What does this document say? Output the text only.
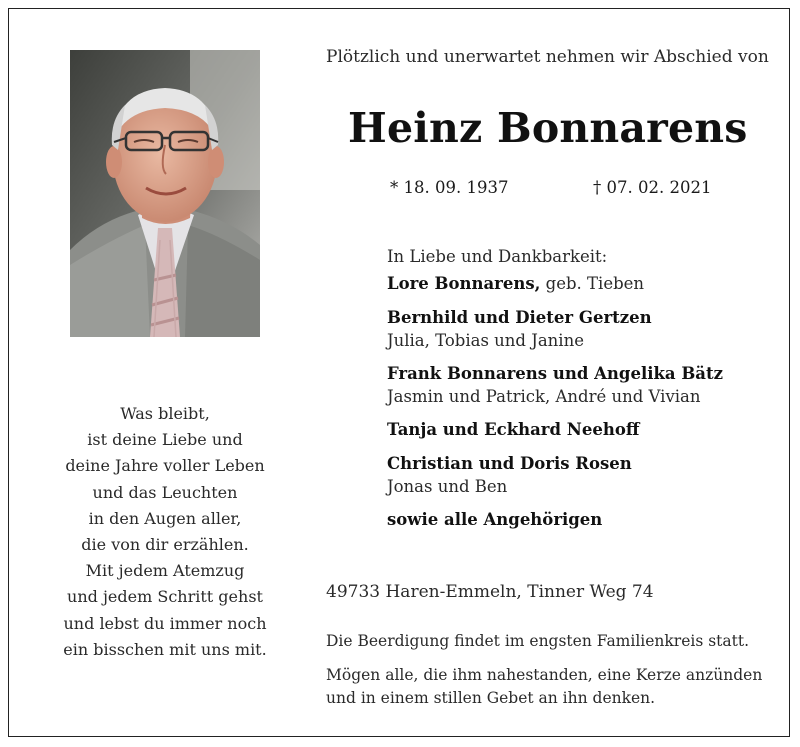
Was bleibt,
ist deine Liebe und
deine Jahre voller Leben
und das Leuchten
in den Augen aller,
die von dir erzählen.
Mit jedem Atemzug
und jedem Schritt gehst
und lebst du immer noch
ein bisschen mit uns mit.
Plötzlich und unerwartet nehmen wir Abschied von
Heinz Bonnarens
* 18. 09. 1937	† 07. 02. 2021
In Liebe und Dankbarkeit:
Lore Bonnarens, geb. Tieben
Bernhild und Dieter Gertzen
Julia, Tobias und Janine
Frank Bonnarens und Angelika Bätz
Jasmin und Patrick, André und Vivian
Tanja und Eckhard Neehoff
Christian und Doris Rosen
Jonas und Ben
sowie alle Angehörigen
49733 Haren-Emmeln, Tinner Weg 74
Die Beerdigung findet im engsten Familienkreis statt.
Mögen alle, die ihm nahestanden, eine Kerze anzünden
und in einem stillen Gebet an ihn denken.
